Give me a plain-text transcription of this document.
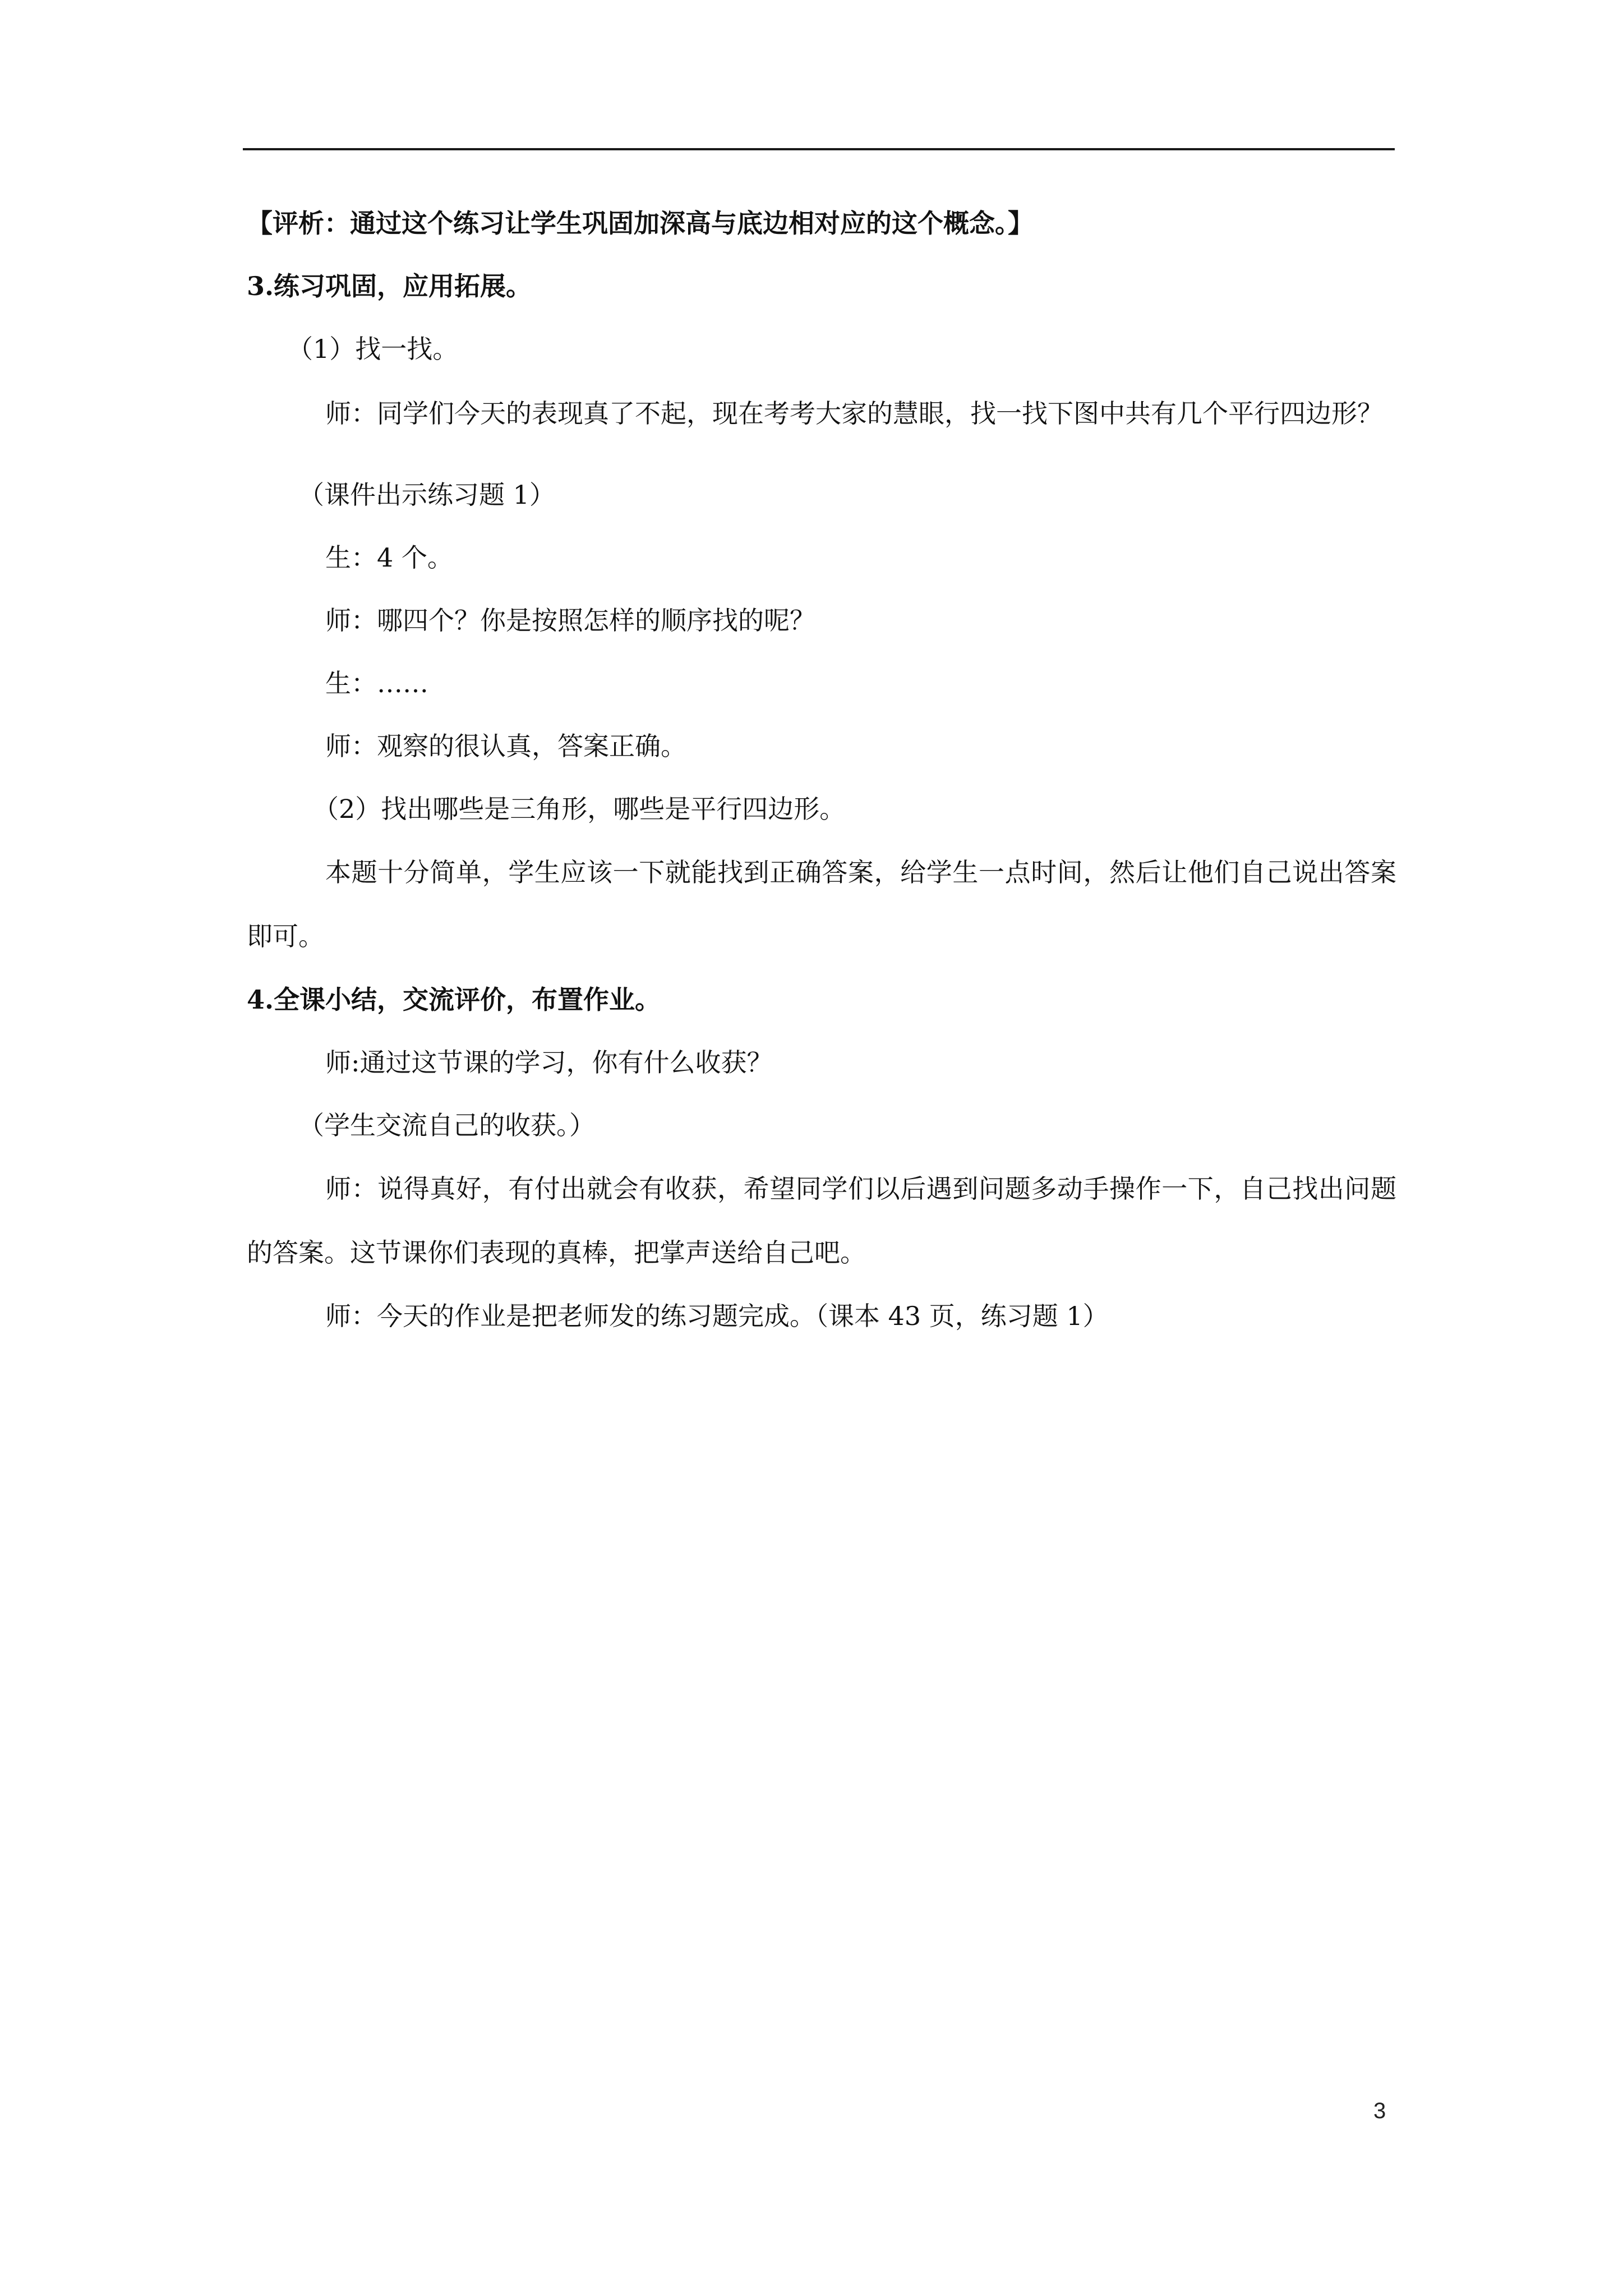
【评析：通过这个练习让学生巩固加深高与底边相对应的这个概念。】

3.练习巩固，应用拓展。

（1）找一找。

师：同学们今天的表现真了不起，现在考考大家的慧眼，找一找下图中共有几个平行四边形？

（课件出示练习题 1）

生：4 个。

师：哪四个？你是按照怎样的顺序找的呢？

生：……

师：观察的很认真，答案正确。

（2）找出哪些是三角形，哪些是平行四边形。

本题十分简单，学生应该一下就能找到正确答案，给学生一点时间，然后让他们自己说出答案即可。

4.全课小结，交流评价，布置作业。

师:通过这节课的学习，你有什么收获？

（学生交流自己的收获。）

师：说得真好，有付出就会有收获，希望同学们以后遇到问题多动手操作一下，自己找出问题的答案。这节课你们表现的真棒，把掌声送给自己吧。

师：今天的作业是把老师发的练习题完成。（课本 43 页，练习题 1）

3
